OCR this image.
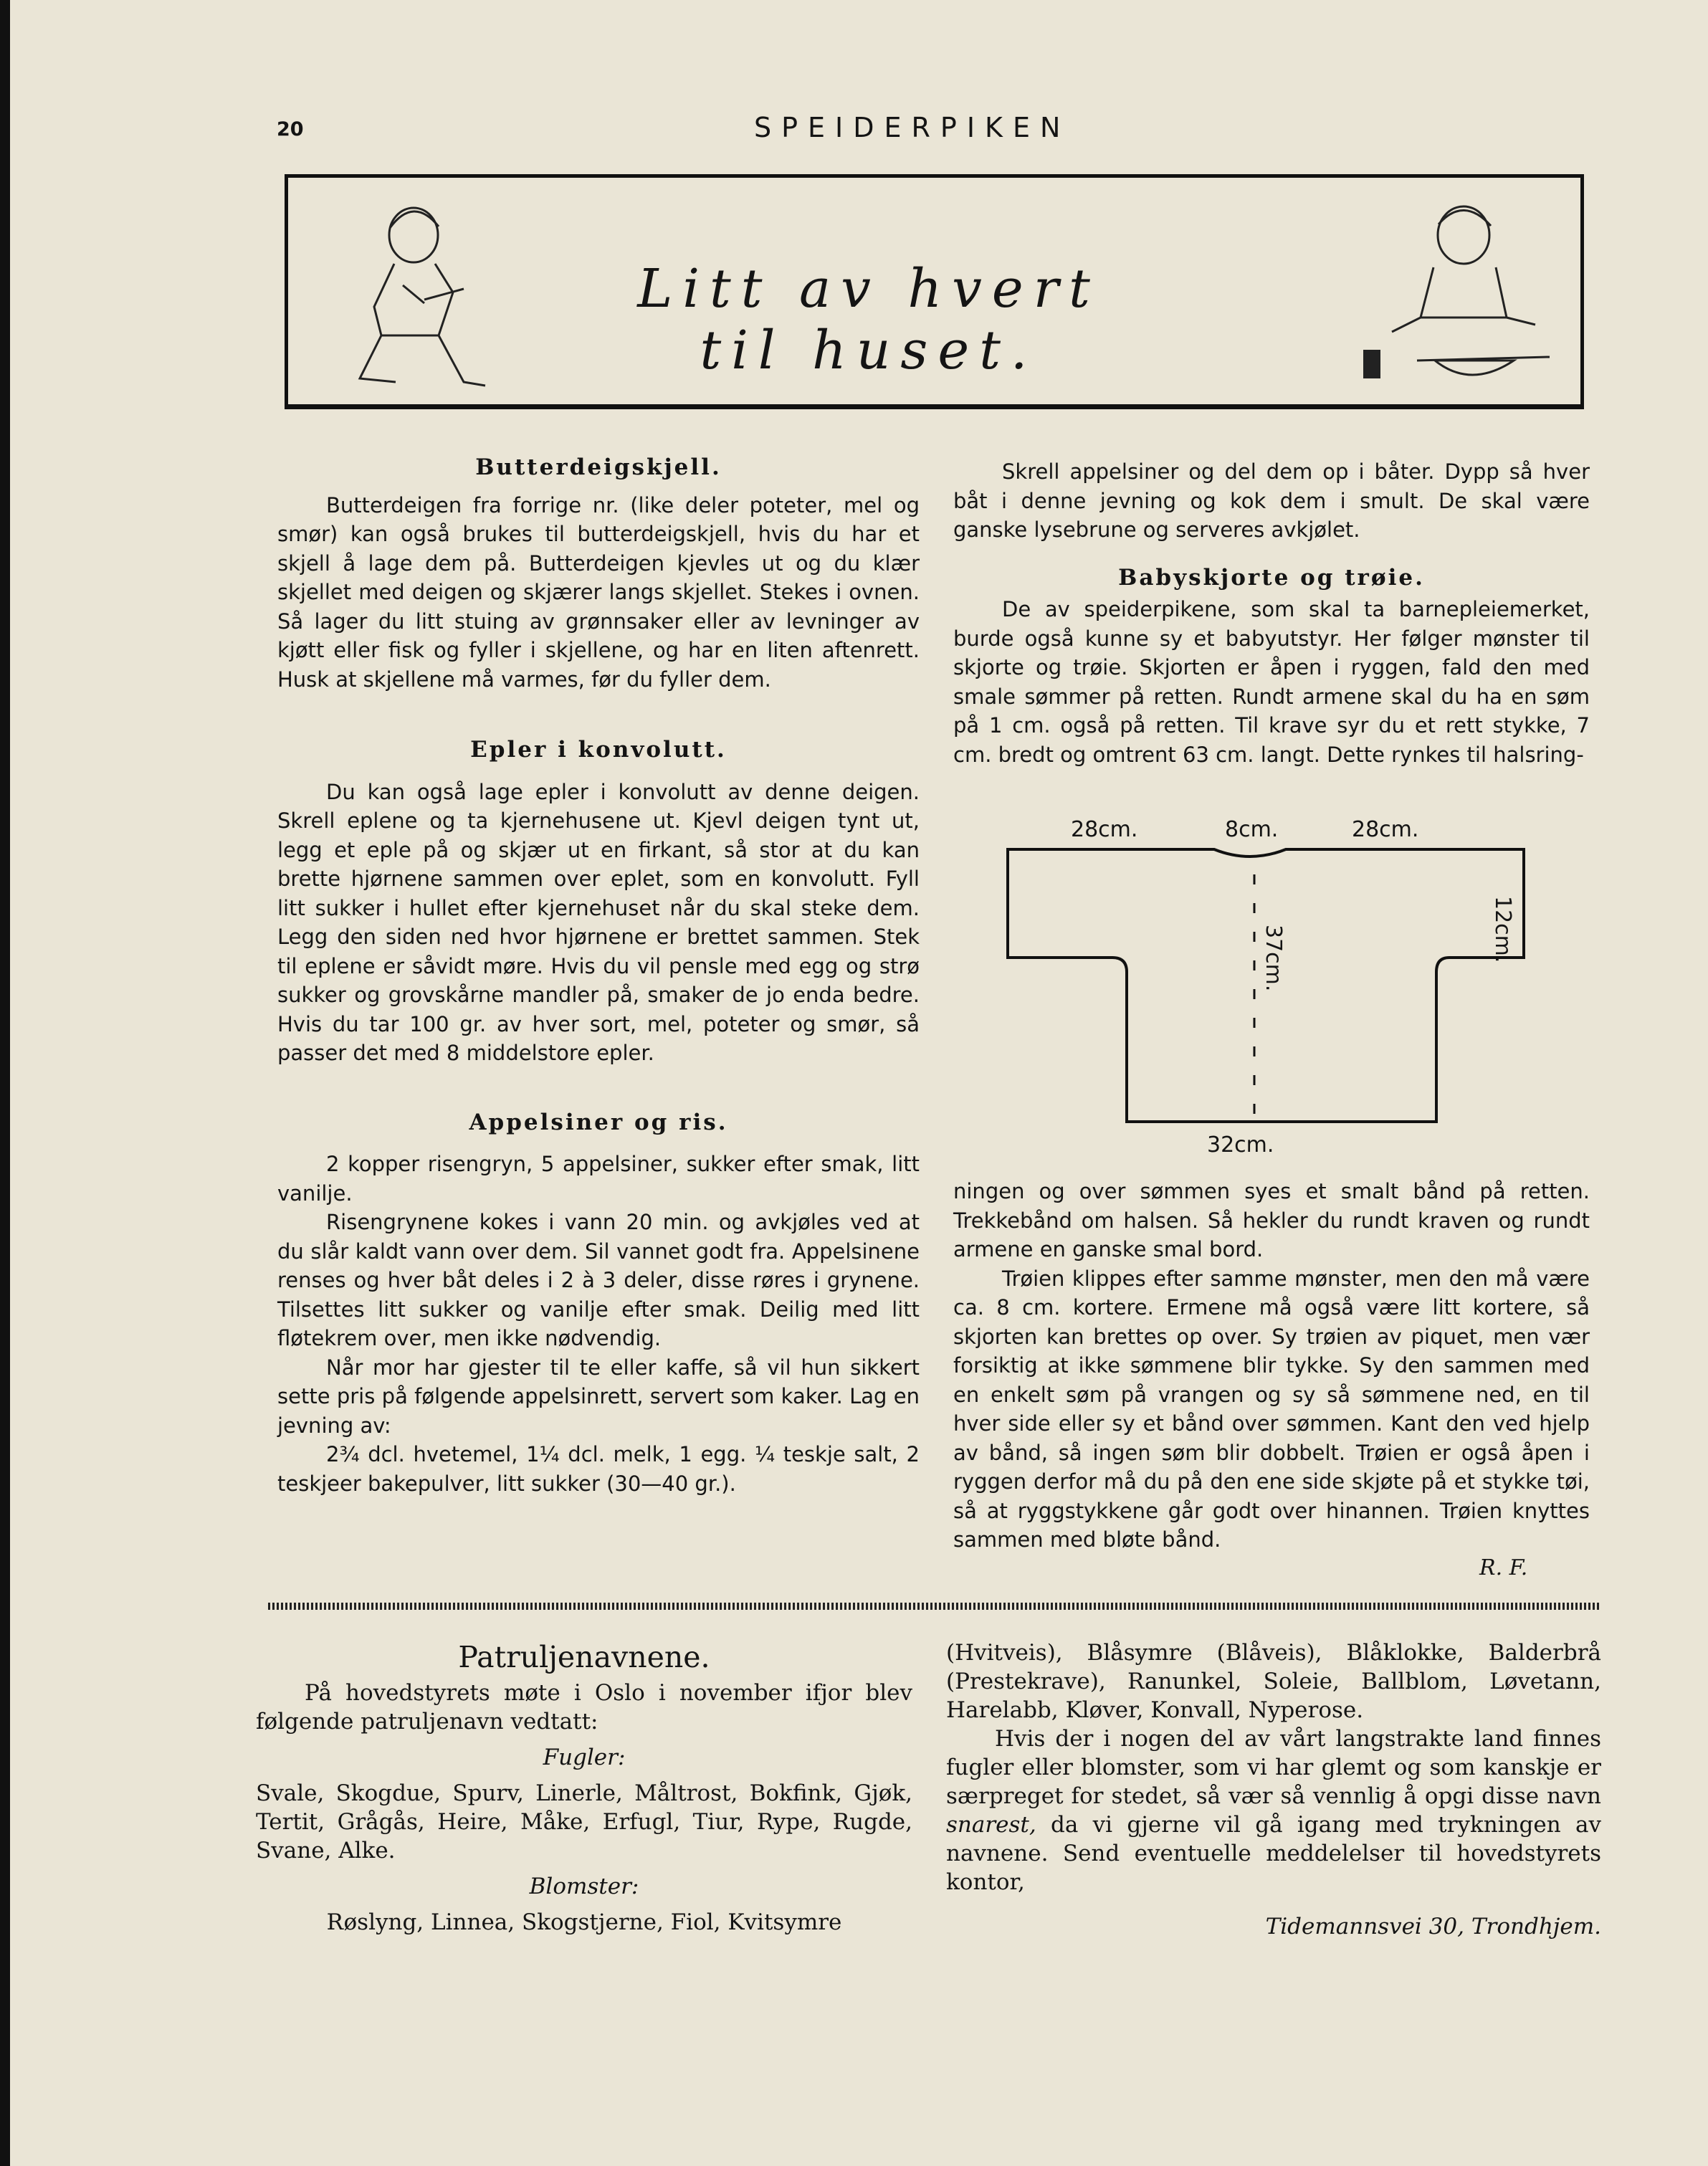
20	SPEIDERPIKEN
Litt av hvert til huset.

Butterdeigskjell.

Butterdeigen fra forrige nr. (like deler poteter, mel og smør) kan også brukes til butterdeigskjell, hvis du har et skjell å lage dem på. Butterdeigen kjevles ut og du klær skjellet med deigen og skjærer langs skjellet. Stekes i ovnen. Så lager du litt stuing av grønnsaker eller av levninger av kjøtt eller fisk og fyller i skjellene, og har en liten aftenrett. Husk at skjellene må varmes, før du fyller dem.

Epler i konvolutt.

Du kan også lage epler i konvolutt av denne deigen. Skrell eplene og ta kjernehusene ut. Kjevl deigen tynt ut, legg et eple på og skjær ut en firkant, så stor at du kan brette hjørnene sammen over eplet, som en konvolutt. Fyll litt sukker i hullet efter kjernehuset når du skal steke dem. Legg den siden ned hvor hjørnene er brettet sammen. Stek til eplene er såvidt møre. Hvis du vil pensle med egg og strø sukker og grovskårne mandler på, smaker de jo enda bedre. Hvis du tar 100 gr. av hver sort, mel, poteter og smør, så passer det med 8 middelstore epler.

Appelsiner og ris.

2 kopper risengryn, 5 appelsiner, sukker efter smak, litt vanilje.

Risengrynene kokes i vann 20 min. og avkjøles ved at du slår kaldt vann over dem. Sil vannet godt fra. Appelsinene renses og hver båt deles i 2 à 3 deler, disse røres i grynene. Tilsettes litt sukker og vanilje efter smak. Deilig med litt fløtekrem over, men ikke nødvendig.

Når mor har gjester til te eller kaffe, så vil hun sikkert sette pris på følgende appelsinrett, servert som kaker. Lag en jevning av:

2¾ dcl. hvetemel, 1¼ dcl. melk, 1 egg. ¼ teskje salt, 2 teskjeer bakepulver, litt sukker (30—40 gr.).

Skrell appelsiner og del dem op i båter. Dypp så hver båt i denne jevning og kok dem i smult. De skal være ganske lysebrune og serveres avkjølet.

Babyskjorte og trøie.

De av speiderpikene, som skal ta barnepleiemerket, burde også kunne sy et babyutstyr. Her følger mønster til skjorte og trøie. Skjorten er åpen i ryggen, fald den med smale sømmer på retten. Rundt armene skal du ha en søm på 1 cm. også på retten. Til krave syr du et rett stykke, 7 cm. bredt og omtrent 63 cm. langt. Dette rynkes til halsring-

28cm.	8cm.	28cm.
12cm.
37cm.
32cm.

ningen og over sømmen syes et smalt bånd på retten. Trekkebånd om halsen. Så hekler du rundt kraven og rundt armene en ganske smal bord.

Trøien klippes efter samme mønster, men den må være ca. 8 cm. kortere. Ermene må også være litt kortere, så skjorten kan brettes op over. Sy trøien av piquet, men vær forsiktig at ikke sømmene blir tykke. Sy den sammen med en enkelt søm på vrangen og sy så sømmene ned, en til hver side eller sy et bånd over sømmen. Kant den ved hjelp av bånd, så ingen søm blir dobbelt. Trøien er også åpen i ryggen derfor må du på den ene side skjøte på et stykke tøi, så at ryggstykkene går godt over hinannen. Trøien knyttes sammen med bløte bånd.

R. F.

Patruljenavnene.

På hovedstyrets møte i Oslo i november ifjor blev følgende patruljenavn vedtatt:

Fugler:

Svale, Skogdue, Spurv, Linerle, Måltrost, Bokfink, Gjøk, Tertit, Grågås, Heire, Måke, Erfugl, Tiur, Rype, Rugde, Svane, Alke.

Blomster:

Røslyng, Linnea, Skogstjerne, Fiol, Kvitsymre

(Hvitveis), Blåsymre (Blåveis), Blåklokke, Balderbrå (Prestekrave), Ranunkel, Soleie, Ballblom, Løvetann, Harelabb, Kløver, Konvall, Nyperose.

Hvis der i nogen del av vårt langstrakte land finnes fugler eller blomster, som vi har glemt og som kanskje er særpreget for stedet, så vær så vennlig å opgi disse navn snarest, da vi gjerne vil gå igang med trykningen av navnene. Send eventuelle meddelelser til hovedstyrets kontor,

Tidemannsvei 30, Trondhjem.
